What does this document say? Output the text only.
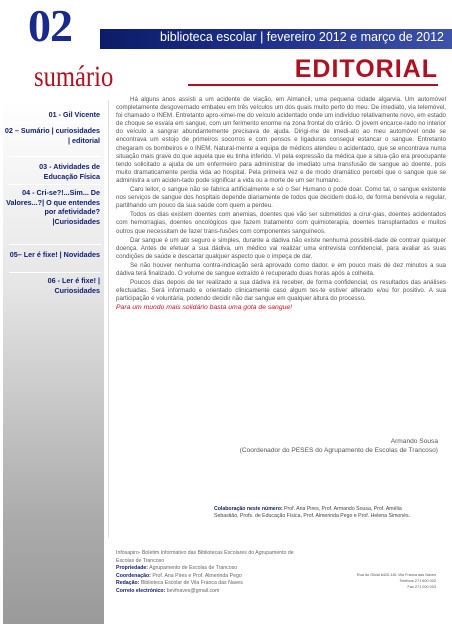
biblioteca escolar | fevereiro 2012 e março de 2012
02
01 - Gil Vicente
02 – Sumário | curiosidades | editorial
03 - Atividades de Educação Física
04 - Cri-se?!...Sim... De Valores...?| O que entendes por afetividade?|Curiosidades
05– Ler é fixe! | Novidades
06 - Ler é fixe! | Curiosidades
sumário	EDITORIAL

Há alguns anos assisti a um acidente de viação, em Almancil, uma pequena cidade algarvia. Um automóvel completamente desgovernado embateu em três veículos um dos quais muito perto do meu. De imediato, via telemóvel, foi chamado o INEM. Entretanto apro-ximei-me do veículo acidentado onde um indivíduo relativamente novo, em estado de choque se esvaía em sangue, com um ferimento enorme na zona frontal do crânio. O jovem encarce-rado no interior do veículo a sangrar abundantemente precisava de ajuda. Dirigi-me de imedi-ato ao meu automóvel onde se encontrava um estojo de primeiros socorros e com pensos e ligaduras consegui estancar o sangue. Entretanto chegaram os bombeiros e o INEM. Natural-mente a equipa de médicos atendeu o acidentado, que se encontrava numa situação mais grave do que aquela que eu tinha inferido. Vi pela expressão da médica que a situa-ção era preocupante tendo solicitado a ajuda de um enfermeiro para administrar de imediato uma transfusão de sangue ao doente, pois muito dramaticamente perdia vida ao hospital. Pela primeira vez e de modo dramático percebi que o sangue que se administra a um aciden-tado pode significar a vida ou a morte de um ser humano.

Caro leitor, o sangue não se fabrica artificialmente e só o Ser Humano o pode doar. Como tal, o sangue existente nos serviços de sangue dos hospitais depende diariamente de todos que decidem doá-lo, de forma benévola e regular, partilhando um pouco da sua saúde com quem a perdeu.

Todos os dias existem doentes com anemias, doentes que vão ser submetidos a cirur-gias, doentes acidentados com hemorragias, doentes oncológicos que fazem tratamento com quimioterapia, doentes transplantados e muitos outros que necessitam de fazer trans-fusões com componentes sanguíneos.

Dar sangue é um ato seguro e simples, durante a dádiva não existe nenhuma possibili-dade de contrair qualquer doença. Antes de efetuar a sua dádiva, um médico vai realizar uma entrevista confidencial, para avaliar as suas condições de saúde e descartar qualquer aspecto que o impeça de dar.

Se não houver nenhuma contra-indicação será aprovado como dador, e em pouco mais de dez minutos a sua dádiva terá finalizado. O volume de sangue extraído é recuperado duas horas após a colheita.

Poucos dias depois de ter realizado a sua dádiva irá receber, de forma confidencial, os resultados das análises efectuadas. Será informado e orientado clinicamente caso algum tes-te estiver alterado e/ou for positivo. A sua participação é voluntária, podendo decidir não dar sangue em qualquer altura do processo.

Para um mundo mais solidário basta uma gota de sangue!

Armando Sousa
(Coordenador do PESES do Agrupamento de Escolas de Trancoso)
Colaboração neste número: Prof. Ana Pires, Prof. Armando Sousa, Prof. Amélia Sebastião, Profs. de Educação Física, Prof. Almerinda Pego e Prof. Helena Simonès.
Infosapiro- Boletim Informativo das Bibliotecas Escolares do Agrupamento de Escolas de Trancoso
Propriedade: Agrupamento de Escolas de Trancoso
Coordenação: Prof. Ana Pires e Prof. Almerinda Pego
Redação: Biblioteca Escolar de Vila Franca das Naves
Correio electrónico: bevfnaves@gmail.com
Rua do Olival 6420-181 Vila Franca das Naves
Telefone 271 600 002
Fax 271 000 003
